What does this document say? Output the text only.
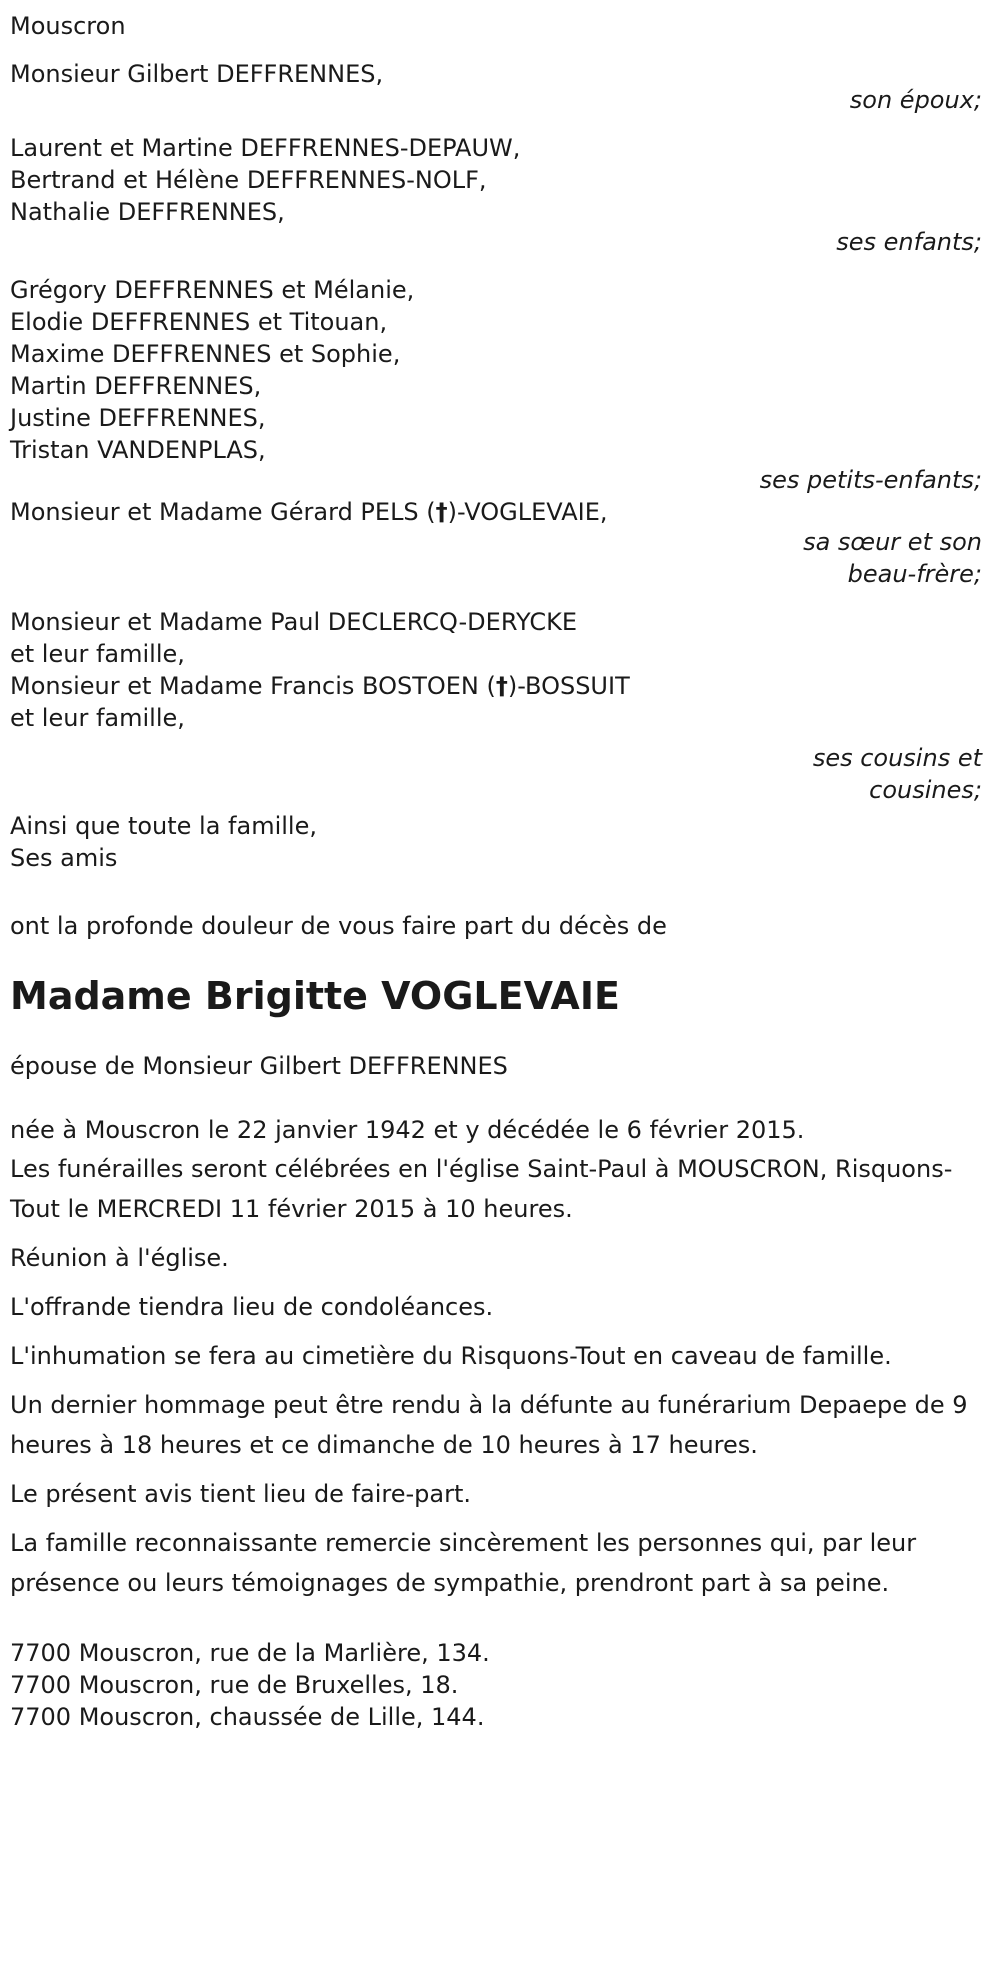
Mouscron
Monsieur Gilbert DEFFRENNES,
son époux;
Laurent et Martine DEFFRENNES-DEPAUW,
Bertrand et Hélène DEFFRENNES-NOLF,
Nathalie DEFFRENNES,
ses enfants;
Grégory DEFFRENNES et Mélanie,
Elodie DEFFRENNES et Titouan,
Maxime DEFFRENNES et Sophie,
Martin DEFFRENNES,
Justine DEFFRENNES,
Tristan VANDENPLAS,
ses petits-enfants;
Monsieur et Madame Gérard PELS (†)-VOGLEVAIE,
sa sœur et son
beau-frère;
Monsieur et Madame Paul DECLERCQ-DERYCKE
et leur famille,
Monsieur et Madame Francis BOSTOEN (†)-BOSSUIT
et leur famille,
ses cousins et
cousines;
Ainsi que toute la famille,
Ses amis
ont la profonde douleur de vous faire part du décès de
Madame Brigitte VOGLEVAIE
épouse de Monsieur Gilbert DEFFRENNES
née à Mouscron le 22 janvier 1942 et y décédée le 6 février 2015.
Les funérailles seront célébrées en l'église Saint-Paul à MOUSCRON, Risquons-Tout le MERCREDI 11 février 2015 à 10 heures.
Réunion à l'église.
L'offrande tiendra lieu de condoléances.
L'inhumation se fera au cimetière du Risquons-Tout en caveau de famille.
Un dernier hommage peut être rendu à la défunte au funérarium Depaepe de 9 heures à 18 heures et ce dimanche de 10 heures à 17 heures.
Le présent avis tient lieu de faire-part.
La famille reconnaissante remercie sincèrement les personnes qui, par leur présence ou leurs témoignages de sympathie, prendront part à sa peine.
7700 Mouscron, rue de la Marlière, 134.
7700 Mouscron, rue de Bruxelles, 18.
7700 Mouscron, chaussée de Lille, 144.
